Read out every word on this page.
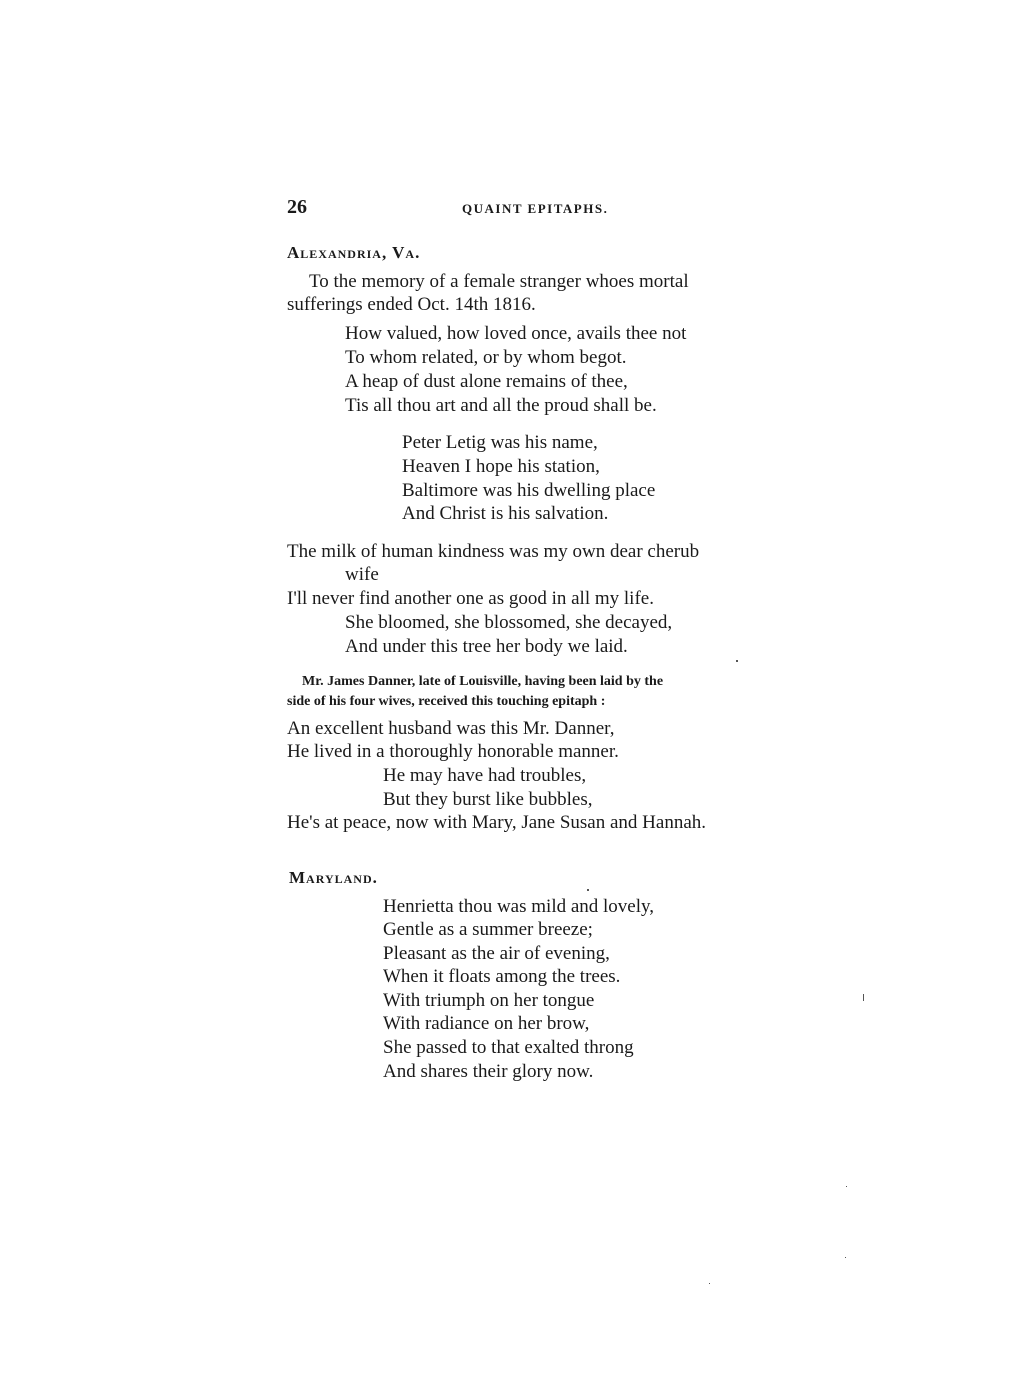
26	QUAINT EPITAPHS.
Alexandria, Va.
To the memory of a female stranger whoes mortal
sufferings ended Oct. 14th 1816.
How valued, how loved once, avails thee not
To whom related, or by whom begot.
A heap of dust alone remains of thee,
Tis all thou art and all the proud shall be.
Peter Letig was his name,
Heaven I hope his station,
Baltimore was his dwelling place
And Christ is his salvation.
The milk of human kindness was my own dear cherub
wife
I'll never find another one as good in all my life.
She bloomed, she blossomed, she decayed,
And under this tree her body we laid.
Mr. James Danner, late of Louisville, having been laid by the
side of his four wives, received this touching epitaph :
An excellent husband was this Mr. Danner,
He lived in a thoroughly honorable manner.
He may have had troubles,
But they burst like bubbles,
He's at peace, now with Mary, Jane Susan and Hannah.
Maryland.
Henrietta thou was mild and lovely,
Gentle as a summer breeze;
Pleasant as the air of evening,
When it floats among the trees.
With triumph on her tongue
With radiance on her brow,
She passed to that exalted throng
And shares their glory now.
